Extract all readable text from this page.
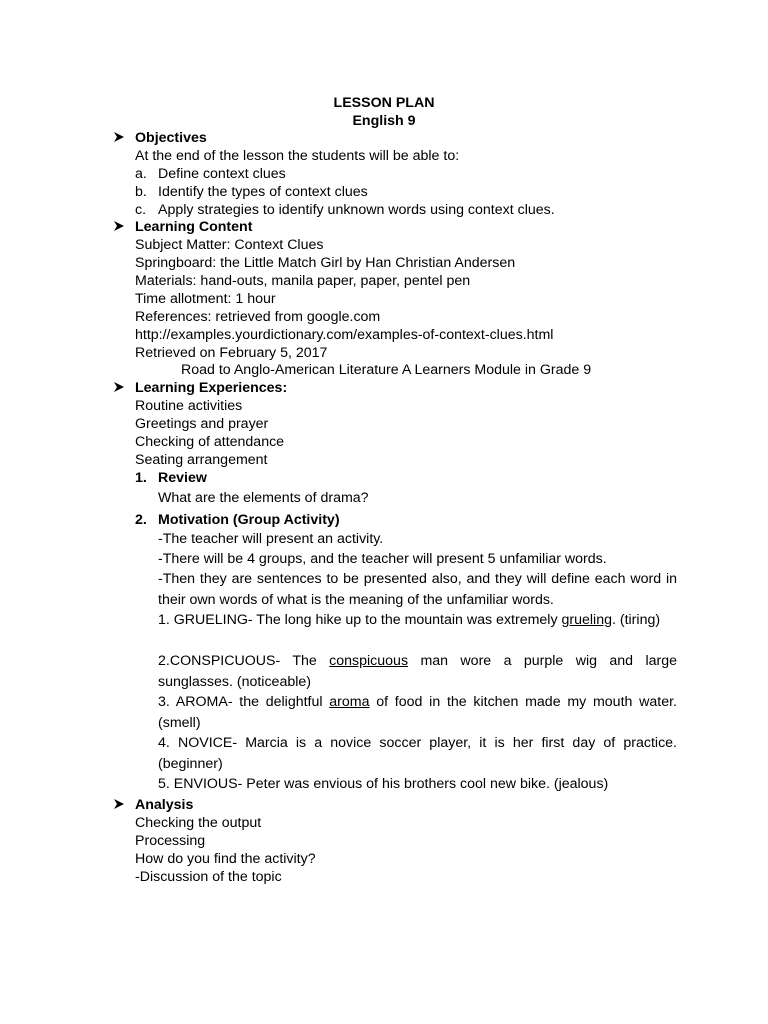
LESSON PLAN
English 9
Objectives
At the end of the lesson the students will be able to:
a. Define context clues
b. Identify the types of context clues
c. Apply strategies to identify unknown words using context clues.
Learning Content
Subject Matter: Context Clues
Springboard: the Little Match Girl by Han Christian Andersen
Materials: hand-outs, manila paper, paper, pentel pen
Time allotment: 1 hour
References: retrieved from google.com
http://examples.yourdictionary.com/examples-of-context-clues.html
Retrieved on February 5, 2017
Road to Anglo-American Literature A Learners Module in Grade 9
Learning Experiences:
Routine activities
Greetings and prayer
Checking of attendance
Seating arrangement
1. Review
What are the elements of drama?
2. Motivation (Group Activity)
-The teacher will present an activity.
-There will be 4 groups, and the teacher will present 5 unfamiliar words.
-Then they are sentences to be presented also, and they will define each word in their own words of what is the meaning of the unfamiliar words.
1. GRUELING- The long hike up to the mountain was extremely grueling. (tiring)
2.CONSPICUOUS- The conspicuous man wore a purple wig and large sunglasses. (noticeable)
3. AROMA- the delightful aroma of food in the kitchen made my mouth water. (smell)
4. NOVICE- Marcia is a novice soccer player, it is her first day of practice. (beginner)
5. ENVIOUS- Peter was envious of his brothers cool new bike. (jealous)
Analysis
Checking the output
Processing
How do you find the activity?
-Discussion of the topic
